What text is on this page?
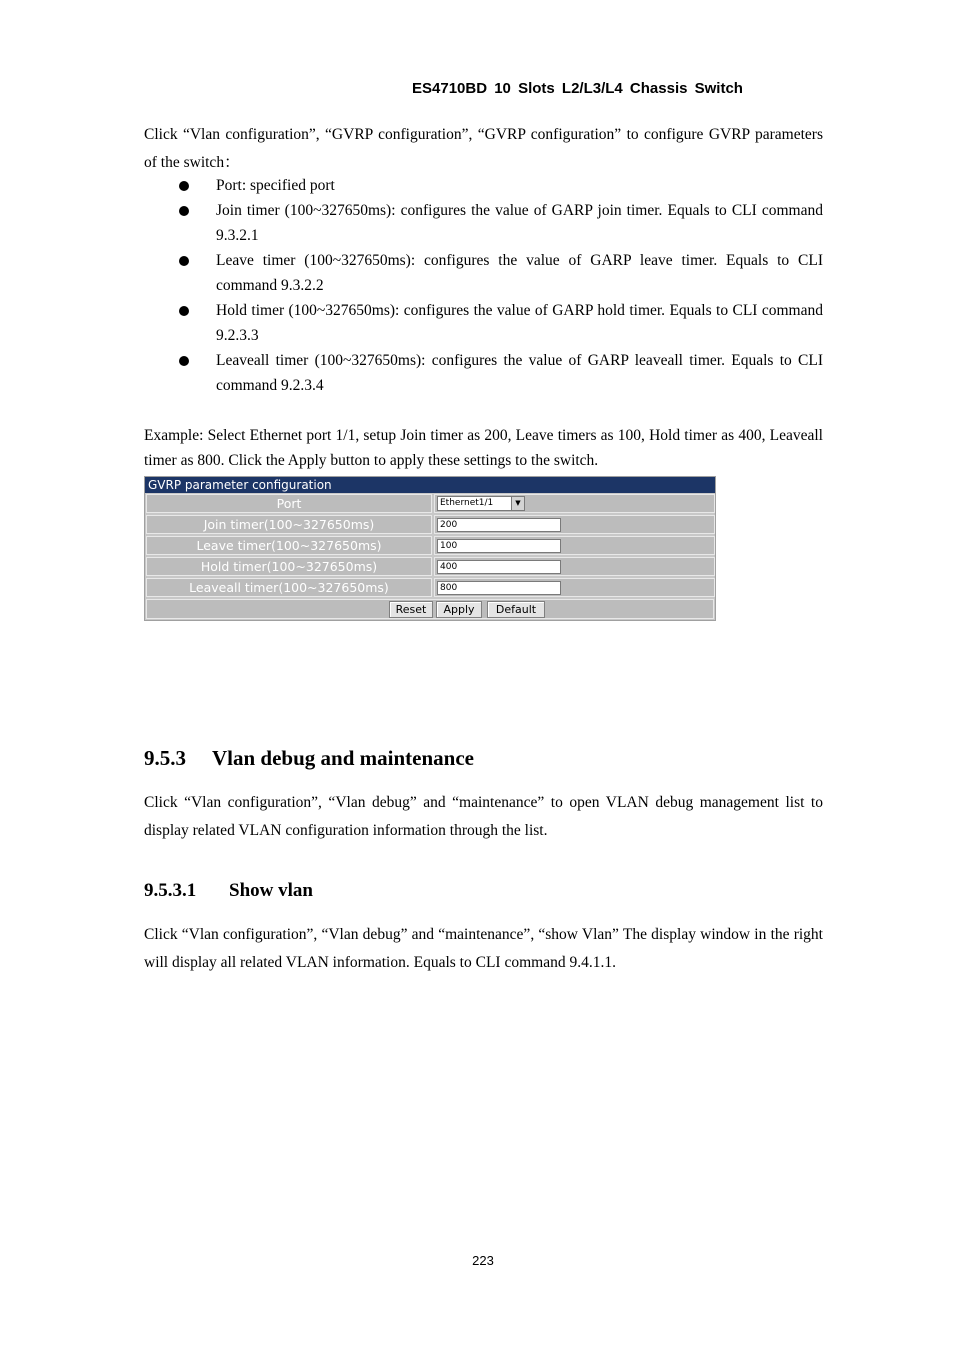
ES4710BD 10 Slots L2/L3/L4 Chassis Switch
Click “Vlan configuration”, “GVRP configuration”, “GVRP configuration” to configure GVRP parameters of the switch：
Port: specified port
Join timer (100~327650ms): configures the value of GARP join timer. Equals to CLI command 9.3.2.1
Leave timer (100~327650ms): configures the value of GARP leave timer. Equals to CLI command 9.3.2.2
Hold timer (100~327650ms): configures the value of GARP hold timer. Equals to CLI command 9.2.3.3
Leaveall timer (100~327650ms): configures the value of GARP leaveall timer. Equals to CLI command 9.2.3.4
Example: Select Ethernet port 1/1, setup Join timer as 200, Leave timers as 100, Hold timer as 400, Leaveall timer as 800. Click the Apply button to apply these settings to the switch.
GVRP parameter configuration
Port	Ethernet1/1	▼
Join timer(100~327650ms)	200
Leave timer(100~327650ms)	100
Hold timer(100~327650ms)	400
Leaveall timer(100~327650ms)	800
Reset	Apply	Default
9.5.3 Vlan debug and maintenance
Click “Vlan configuration”, “Vlan debug” and “maintenance” to open VLAN debug management list to display related VLAN configuration information through the list.
9.5.3.1 Show vlan
Click “Vlan configuration”, “Vlan debug” and “maintenance”, “show Vlan” The display window in the right will display all related VLAN information. Equals to CLI command 9.4.1.1.
223
